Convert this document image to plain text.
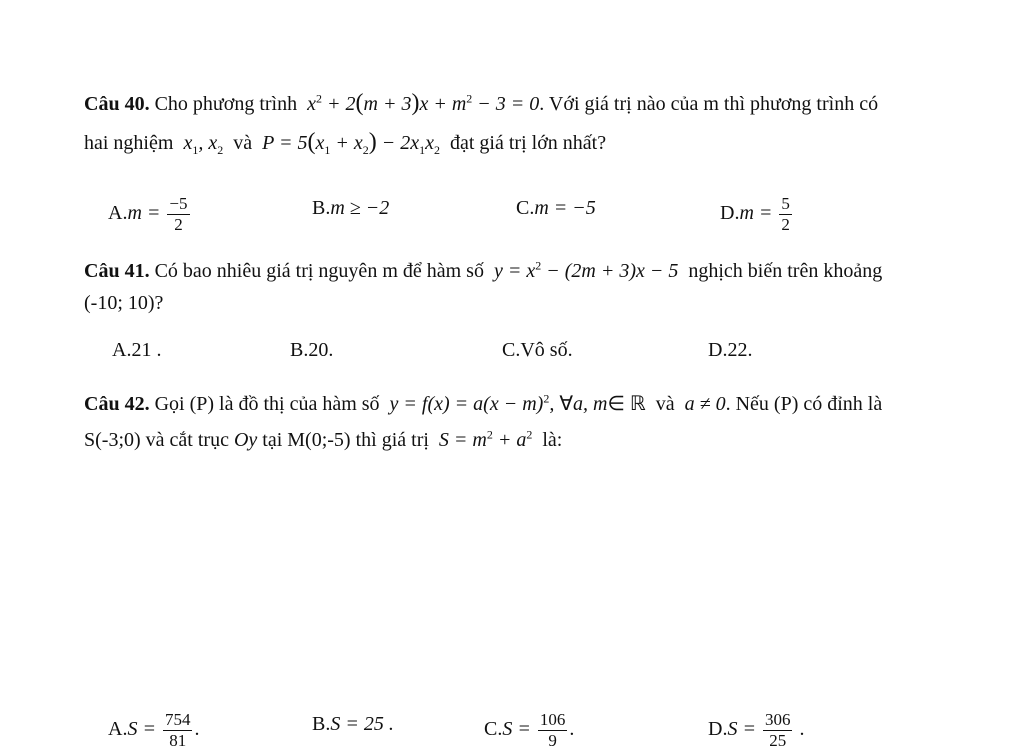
Câu 40. Cho phương trình  $x^2 + 2(m + 3)x + m^2 - 3 = 0$. Với giá trị nào của m thì phương trình có
hai nghiệm  $x_1$, $x_2$ và  $P = 5(x_1 + x_2) - 2x_1x_2$ đạt giá trị lớn nhất?
$A.m = \frac{-5}{2}$	B.m ≥ −2	C.m = −5	$D.m = \frac{5}{2}$
Câu 41. Có bao nhiêu giá trị nguyên m để hàm số  $y = x^2 - (2m + 3)x - 5$  nghịch biến trên khoảng
(-10; 10)?
A.21 .	B.20.	C.Vô số.	D.22.
Câu 42. Gọi (P) là đồ thị của hàm số  $y = f(x) = a(x - m)^2$, ∀a, m∈ ℝ và  a ≠ 0. Nếu (P) có đỉnh là
S(-3;0) và cắt trục Oy tại M(0;-5) thì giá trị  $S = m^2 + a^2$ là:
$A.S = \frac{754}{81}$ .	B.S = 25 .	$C.S = \frac{106}{9}$ .	$D.S = \frac{306}{25}$ .
